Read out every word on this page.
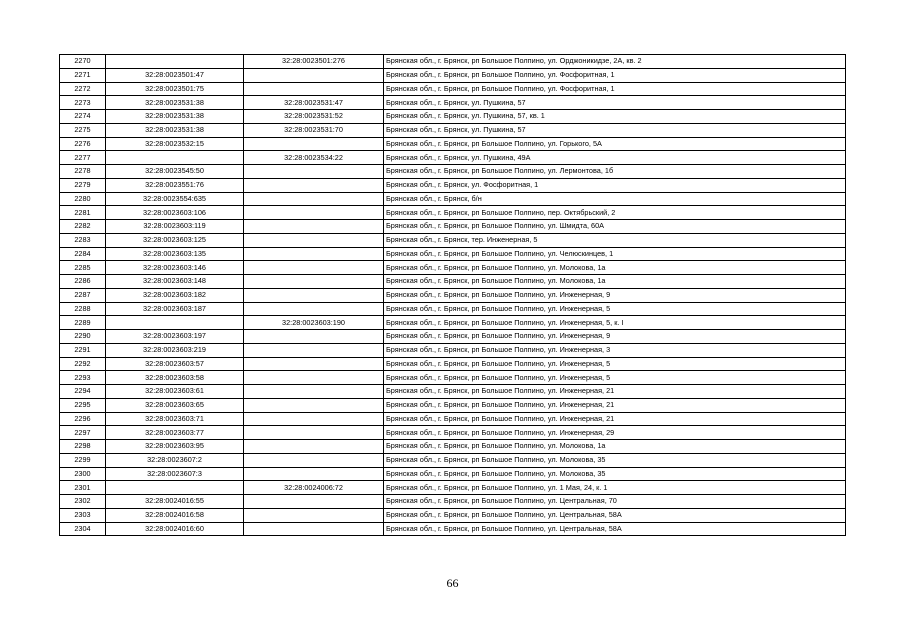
2270		32:28:0023501:276	Брянская обл., г. Брянск, рп Большое Полпино, ул. Орджоникидзе, 2А, кв. 2
2271	32:28:0023501:47		Брянская обл., г. Брянск, рп Большое Полпино, ул. Фосфоритная, 1
2272	32:28:0023501:75		Брянская обл., г. Брянск, рп Большое Полпино, ул. Фосфоритная, 1
2273	32:28:0023531:38	32:28:0023531:47	Брянская обл., г. Брянск, ул. Пушкина, 57
2274	32:28:0023531:38	32:28:0023531:52	Брянская обл., г. Брянск, ул. Пушкина, 57, кв. 1
2275	32:28:0023531:38	32:28:0023531:70	Брянская обл., г. Брянск, ул. Пушкина, 57
2276	32:28:0023532:15		Брянская обл., г. Брянск, рп Большое Полпино, ул. Горького, 5А
2277		32:28:0023534:22	Брянская обл., г. Брянск, ул. Пушкина, 49А
2278	32:28:0023545:50		Брянская обл., г. Брянск, рп Большое Полпино, ул. Лермонтова, 1б
2279	32:28:0023551:76		Брянская обл., г. Брянск, ул. Фосфоритная, 1
2280	32:28:0023554:635		Брянская обл., г. Брянск, б/н
2281	32:28:0023603:106		Брянская обл., г. Брянск, рп Большое Полпино, пер. Октябрьский, 2
2282	32:28:0023603:119		Брянская обл., г. Брянск, рп Большое Полпино, ул. Шмидта, 60А
2283	32:28:0023603:125		Брянская обл., г. Брянск, тер. Инженерная, 5
2284	32:28:0023603:135		Брянская обл., г. Брянск, рп Большое Полпино, ул. Челюскинцев, 1
2285	32:28:0023603:146		Брянская обл., г. Брянск, рп Большое Полпино, ул. Молокова, 1а
2286	32:28:0023603:148		Брянская обл., г. Брянск, рп Большое Полпино, ул. Молокова, 1а
2287	32:28:0023603:182		Брянская обл., г. Брянск, рп Большое Полпино, ул. Инженерная, 9
2288	32:28:0023603:187		Брянская обл., г. Брянск, рп Большое Полпино, ул. Инженерная, 5
2289		32:28:0023603:190	Брянская обл., г. Брянск, рп Большое Полпино, ул. Инженерная, 5, к. I
2290	32:28:0023603:197		Брянская обл., г. Брянск, рп Большое Полпино, ул. Инженерная, 9
2291	32:28:0023603:219		Брянская обл., г. Брянск, рп Большое Полпино, ул. Инженерная, 3
2292	32:28:0023603:57		Брянская обл., г. Брянск, рп Большое Полпино, ул. Инженерная, 5
2293	32:28:0023603:58		Брянская обл., г. Брянск, рп Большое Полпино, ул. Инженерная, 5
2294	32:28:0023603:61		Брянская обл., г. Брянск, рп Большое Полпино, ул. Инженерная, 21
2295	32:28:0023603:65		Брянская обл., г. Брянск, рп Большое Полпино, ул. Инженерная, 21
2296	32:28:0023603:71		Брянская обл., г. Брянск, рп Большое Полпино, ул. Инженерная, 21
2297	32:28:0023603:77		Брянская обл., г. Брянск, рп Большое Полпино, ул. Инженерная, 29
2298	32:28:0023603:95		Брянская обл., г. Брянск, рп Большое Полпино, ул. Молокова, 1а
2299	32:28:0023607:2		Брянская обл., г. Брянск, рп Большое Полпино, ул. Молокова, 35
2300	32:28:0023607:3		Брянская обл., г. Брянск, рп Большое Полпино, ул. Молокова, 35
2301		32:28:0024006:72	Брянская обл., г. Брянск, рп Большое Полпино, ул. 1 Мая, 24, к. 1
2302	32:28:0024016:55		Брянская обл., г. Брянск, рп Большое Полпино, ул. Центральная, 70
2303	32:28:0024016:58		Брянская обл., г. Брянск, рп Большое Полпино, ул. Центральная, 58А
2304	32:28:0024016:60		Брянская обл., г. Брянск, рп Большое Полпино, ул. Центральная, 58А
66
